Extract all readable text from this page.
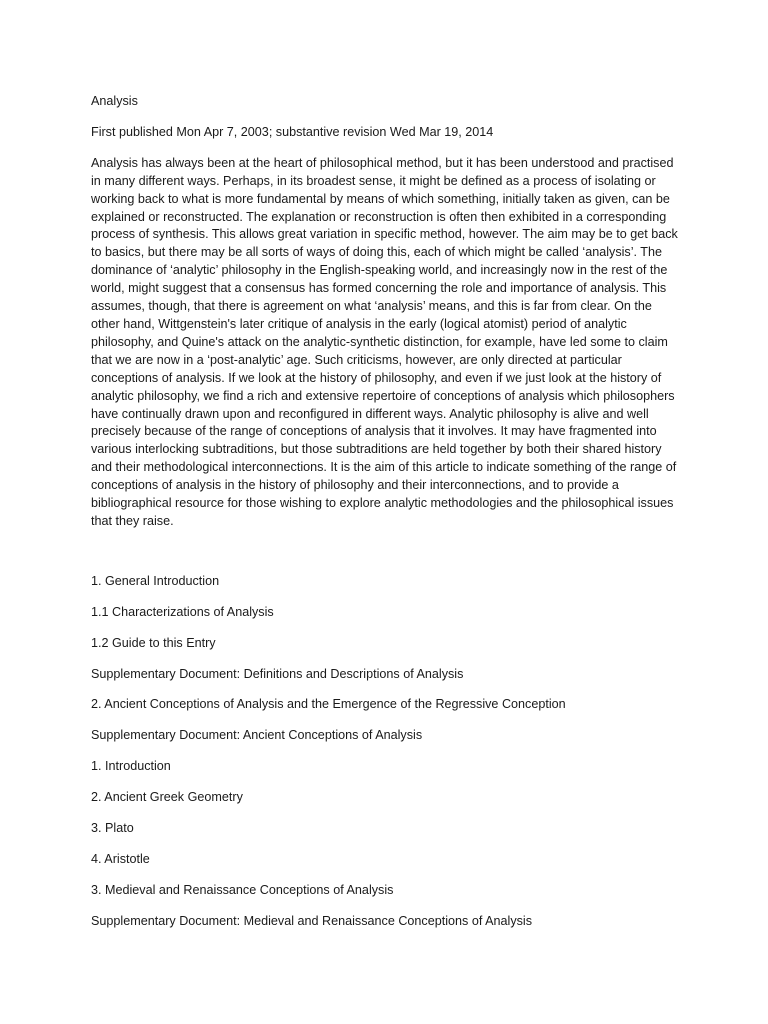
Analysis
First published Mon Apr 7, 2003; substantive revision Wed Mar 19, 2014
Analysis has always been at the heart of philosophical method, but it has been understood and practised in many different ways. Perhaps, in its broadest sense, it might be defined as a process of isolating or working back to what is more fundamental by means of which something, initially taken as given, can be explained or reconstructed. The explanation or reconstruction is often then exhibited in a corresponding process of synthesis. This allows great variation in specific method, however. The aim may be to get back to basics, but there may be all sorts of ways of doing this, each of which might be called ‘analysis’. The dominance of ‘analytic’ philosophy in the English-speaking world, and increasingly now in the rest of the world, might suggest that a consensus has formed concerning the role and importance of analysis. This assumes, though, that there is agreement on what ‘analysis’ means, and this is far from clear. On the other hand, Wittgenstein's later critique of analysis in the early (logical atomist) period of analytic philosophy, and Quine's attack on the analytic-synthetic distinction, for example, have led some to claim that we are now in a ‘post-analytic’ age. Such criticisms, however, are only directed at particular conceptions of analysis. If we look at the history of philosophy, and even if we just look at the history of analytic philosophy, we find a rich and extensive repertoire of conceptions of analysis which philosophers have continually drawn upon and reconfigured in different ways. Analytic philosophy is alive and well precisely because of the range of conceptions of analysis that it involves. It may have fragmented into various interlocking subtraditions, but those subtraditions are held together by both their shared history and their methodological interconnections. It is the aim of this article to indicate something of the range of conceptions of analysis in the history of philosophy and their interconnections, and to provide a bibliographical resource for those wishing to explore analytic methodologies and the philosophical issues that they raise.
1. General Introduction
1.1 Characterizations of Analysis
1.2 Guide to this Entry
Supplementary Document: Definitions and Descriptions of Analysis
2. Ancient Conceptions of Analysis and the Emergence of the Regressive Conception
Supplementary Document: Ancient Conceptions of Analysis
1. Introduction
2. Ancient Greek Geometry
3. Plato
4. Aristotle
3. Medieval and Renaissance Conceptions of Analysis
Supplementary Document: Medieval and Renaissance Conceptions of Analysis
